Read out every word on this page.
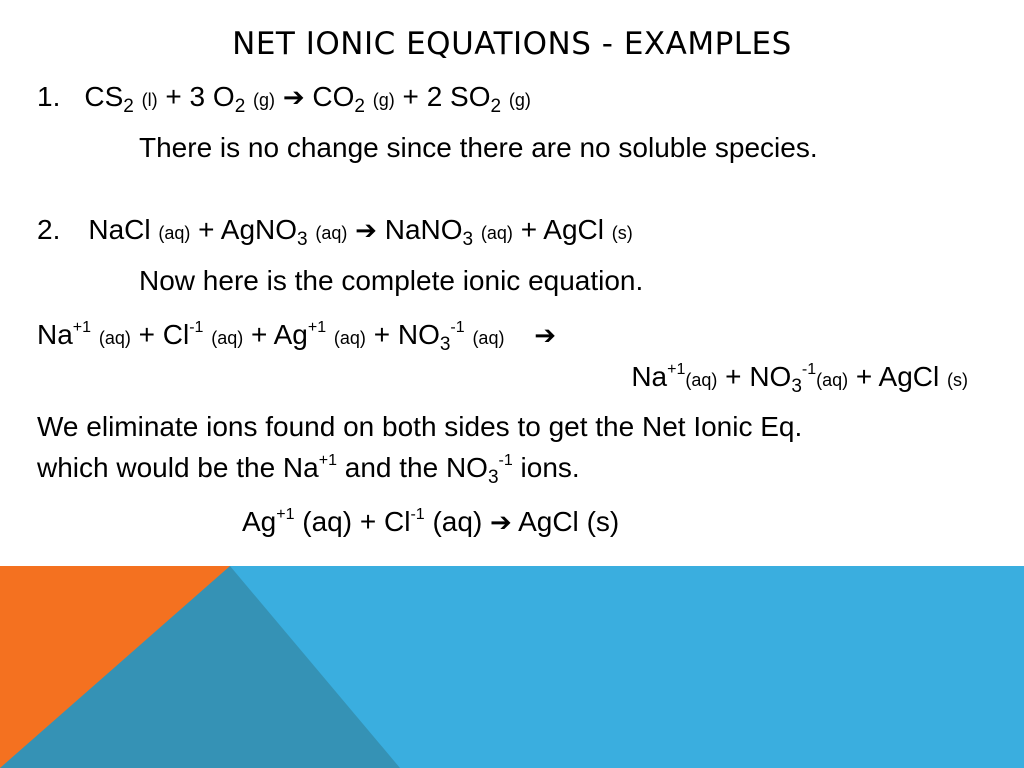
NET IONIC EQUATIONS - EXAMPLES
1. $CS_2$ (l) + 3 $O_2$ (g) ➔ $CO_2$ (g) + 2 $SO_2$ (g)
There is no change since there are no soluble species.
2. NaCl (aq) + AgNO$_3$ (aq) ➔ NaNO$_3$ (aq) + AgCl (s)
Now here is the complete ionic equation.
$Na^{+1}$ $(aq) + Cl^{-1}$ $(aq) + Ag^{+1}$ $(aq) + NO_3^{-1}$ (aq) ➔
$Na^{+1}(aq) + NO_3^{-1}(aq)$ + AgCl (s)
We eliminate ions found on both sides to get the Net Ionic Eq.
which would be the $Na^{+1}$ and the $NO_3^{-1}$ ions.
$Ag^{+1}$ $(aq) + Cl^{-1}$ (aq) ➔ AgCl (s)
